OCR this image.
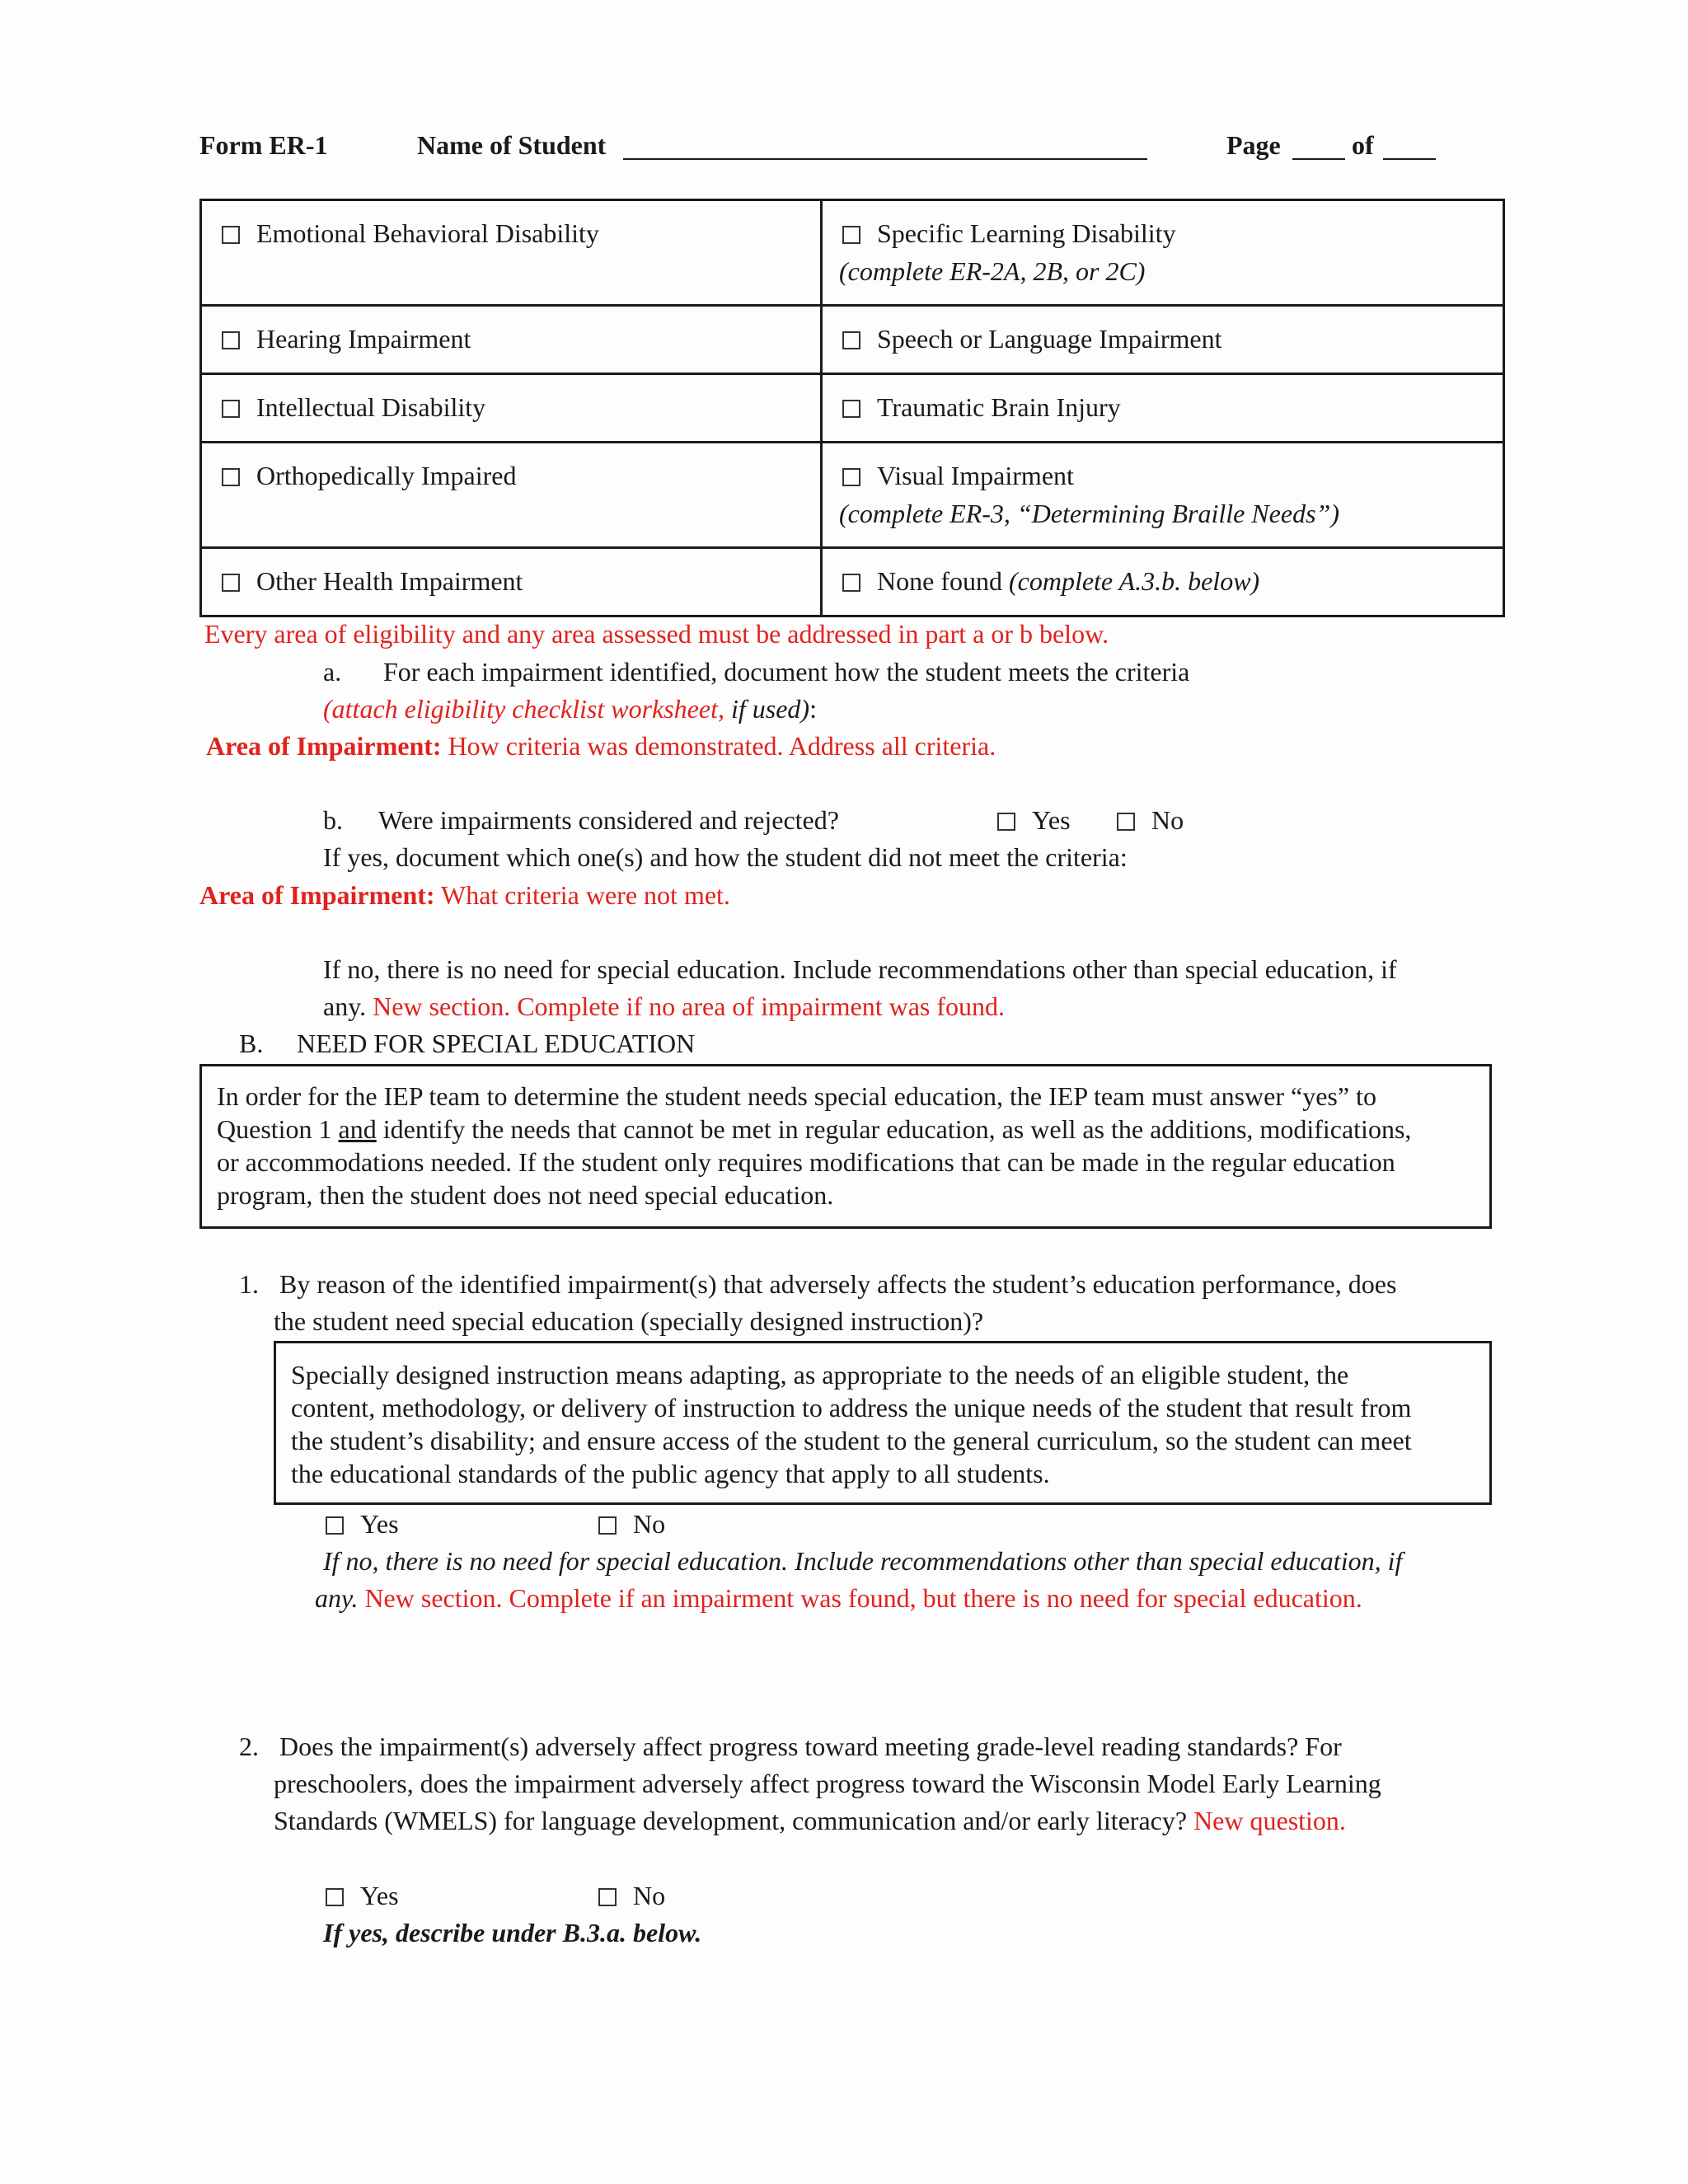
Form ER-1	Name of Student	Page	of
Emotional Behavioral Disability	Specific Learning Disability
(complete ER-2A, 2B, or 2C)
Hearing Impairment	Speech or Language Impairment
Intellectual Disability	Traumatic Brain Injury
Orthopedically Impaired	Visual Impairment
(complete ER-3, “Determining Braille Needs”)
Other Health Impairment	None found (complete A.3.b. below)
Every area of eligibility and any area assessed must be addressed in part a or b below.
a. For each impairment identified, document how the student meets the criteria
(attach eligibility checklist worksheet, if used):
Area of Impairment: How criteria was demonstrated. Address all criteria.
b. Were impairments considered and rejected?	Yes	No
If yes, document which one(s) and how the student did not meet the criteria:
Area of Impairment: What criteria were not met.
If no, there is no need for special education. Include recommendations other than special education, if
any. New section. Complete if no area of impairment was found.
B. NEED FOR SPECIAL EDUCATION

In order for the IEP team to determine the student needs special education, the IEP team must answer “yes” to

Question 1 and identify the needs that cannot be met in regular education, as well as the additions, modifications,

or accommodations needed. If the student only requires modifications that can be made in the regular education

program, then the student does not need special education.

1. By reason of the identified impairment(s) that adversely affects the student’s education performance, does
the student need special education (specially designed instruction)?

Specially designed instruction means adapting, as appropriate to the needs of an eligible student, the

content, methodology, or delivery of instruction to address the unique needs of the student that result from

the student’s disability; and ensure access of the student to the general curriculum, so the student can meet

the educational standards of the public agency that apply to all students.

Yes	No
If no, there is no need for special education. Include recommendations other than special education, if
any. New section. Complete if an impairment was found, but there is no need for special education.
2. Does the impairment(s) adversely affect progress toward meeting grade-level reading standards? For
preschoolers, does the impairment adversely affect progress toward the Wisconsin Model Early Learning
Standards (WMELS) for language development, communication and/or early literacy? New question.
Yes	No
If yes, describe under B.3.a. below.
